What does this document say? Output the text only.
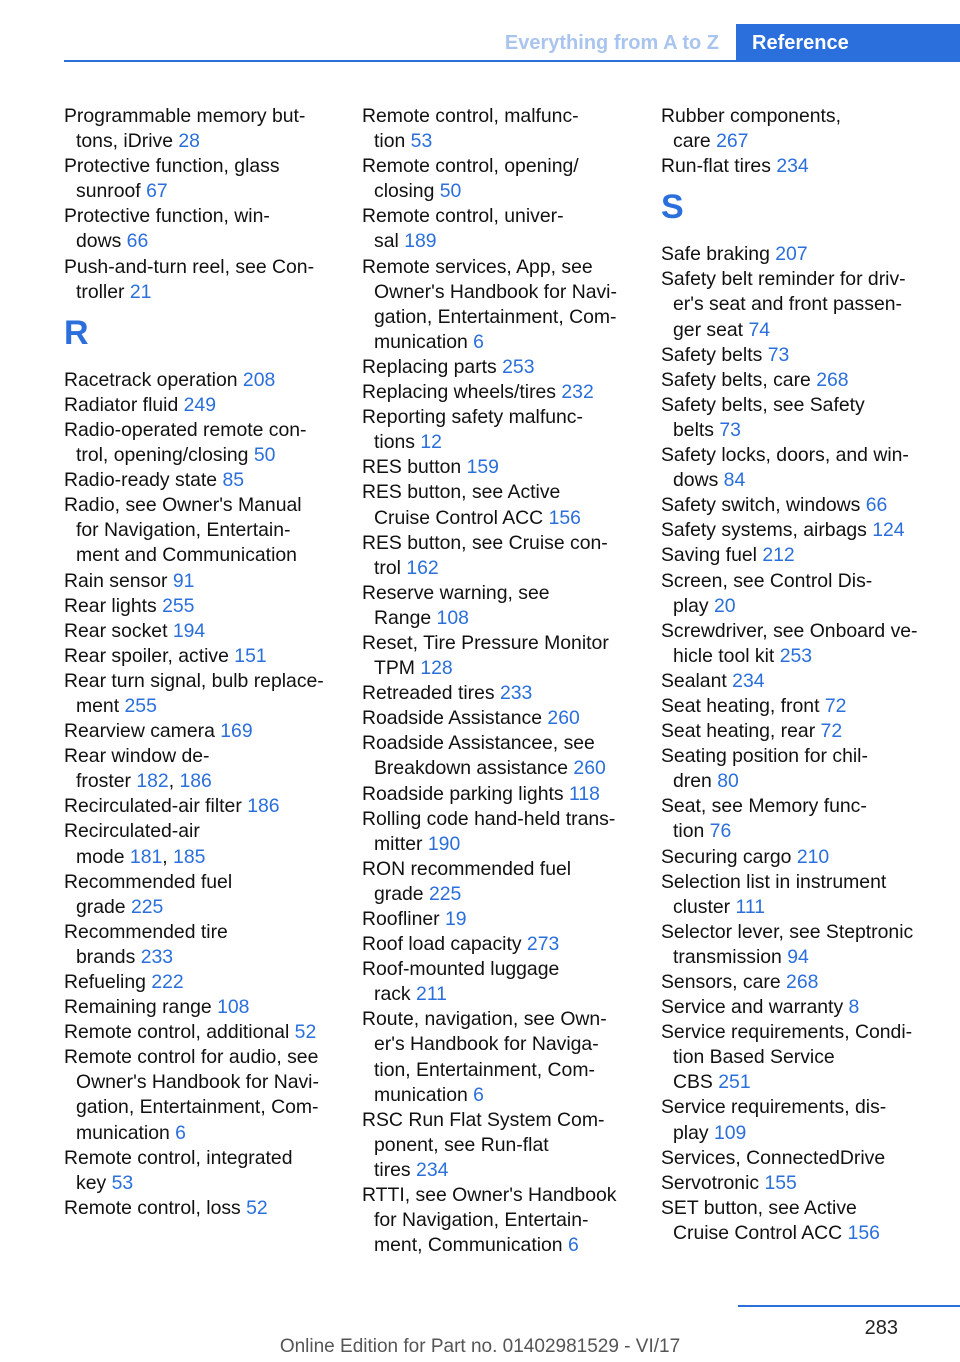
Everything from A to Z	Reference
Programmable memory but-
tons, iDrive 28
Protective function, glass
sunroof 67
Protective function, win-
dows 66
Push-and-turn reel, see Con-
troller 21
R
Racetrack operation 208
Radiator fluid 249
Radio-operated remote con-
trol, opening/closing 50
Radio-ready state 85
Radio, see Owner's Manual
for Navigation, Entertain-
ment and Communication
Rain sensor 91
Rear lights 255
Rear socket 194
Rear spoiler, active 151
Rear turn signal, bulb replace-
ment 255
Rearview camera 169
Rear window de-
froster 182, 186
Recirculated-air filter 186
Recirculated-air
mode 181, 185
Recommended fuel
grade 225
Recommended tire
brands 233
Refueling 222
Remaining range 108
Remote control, additional 52
Remote control for audio, see
Owner's Handbook for Navi-
gation, Entertainment, Com-
munication 6
Remote control, integrated
key 53
Remote control, loss 52
Remote control, malfunc-
tion 53
Remote control, opening/
closing 50
Remote control, univer-
sal 189
Remote services, App, see
Owner's Handbook for Navi-
gation, Entertainment, Com-
munication 6
Replacing parts 253
Replacing wheels/tires 232
Reporting safety malfunc-
tions 12
RES button 159
RES button, see Active
Cruise Control ACC 156
RES button, see Cruise con-
trol 162
Reserve warning, see
Range 108
Reset, Tire Pressure Monitor
TPM 128
Retreaded tires 233
Roadside Assistance 260
Roadside Assistancee, see
Breakdown assistance 260
Roadside parking lights 118
Rolling code hand-held trans-
mitter 190
RON recommended fuel
grade 225
Roofliner 19
Roof load capacity 273
Roof-mounted luggage
rack 211
Route, navigation, see Own-
er's Handbook for Naviga-
tion, Entertainment, Com-
munication 6
RSC Run Flat System Com-
ponent, see Run-flat
tires 234
RTTI, see Owner's Handbook
for Navigation, Entertain-
ment, Communication 6
Rubber components,
care 267
Run-flat tires 234
S
Safe braking 207
Safety belt reminder for driv-
er's seat and front passen-
ger seat 74
Safety belts 73
Safety belts, care 268
Safety belts, see Safety
belts 73
Safety locks, doors, and win-
dows 84
Safety switch, windows 66
Safety systems, airbags 124
Saving fuel 212
Screen, see Control Dis-
play 20
Screwdriver, see Onboard ve-
hicle tool kit 253
Sealant 234
Seat heating, front 72
Seat heating, rear 72
Seating position for chil-
dren 80
Seat, see Memory func-
tion 76
Securing cargo 210
Selection list in instrument
cluster 111
Selector lever, see Steptronic
transmission 94
Sensors, care 268
Service and warranty 8
Service requirements, Condi-
tion Based Service
CBS 251
Service requirements, dis-
play 109
Services, ConnectedDrive
Servotronic 155
SET button, see Active
Cruise Control ACC 156
283
Online Edition for Part no. 01402981529 - VI/17
